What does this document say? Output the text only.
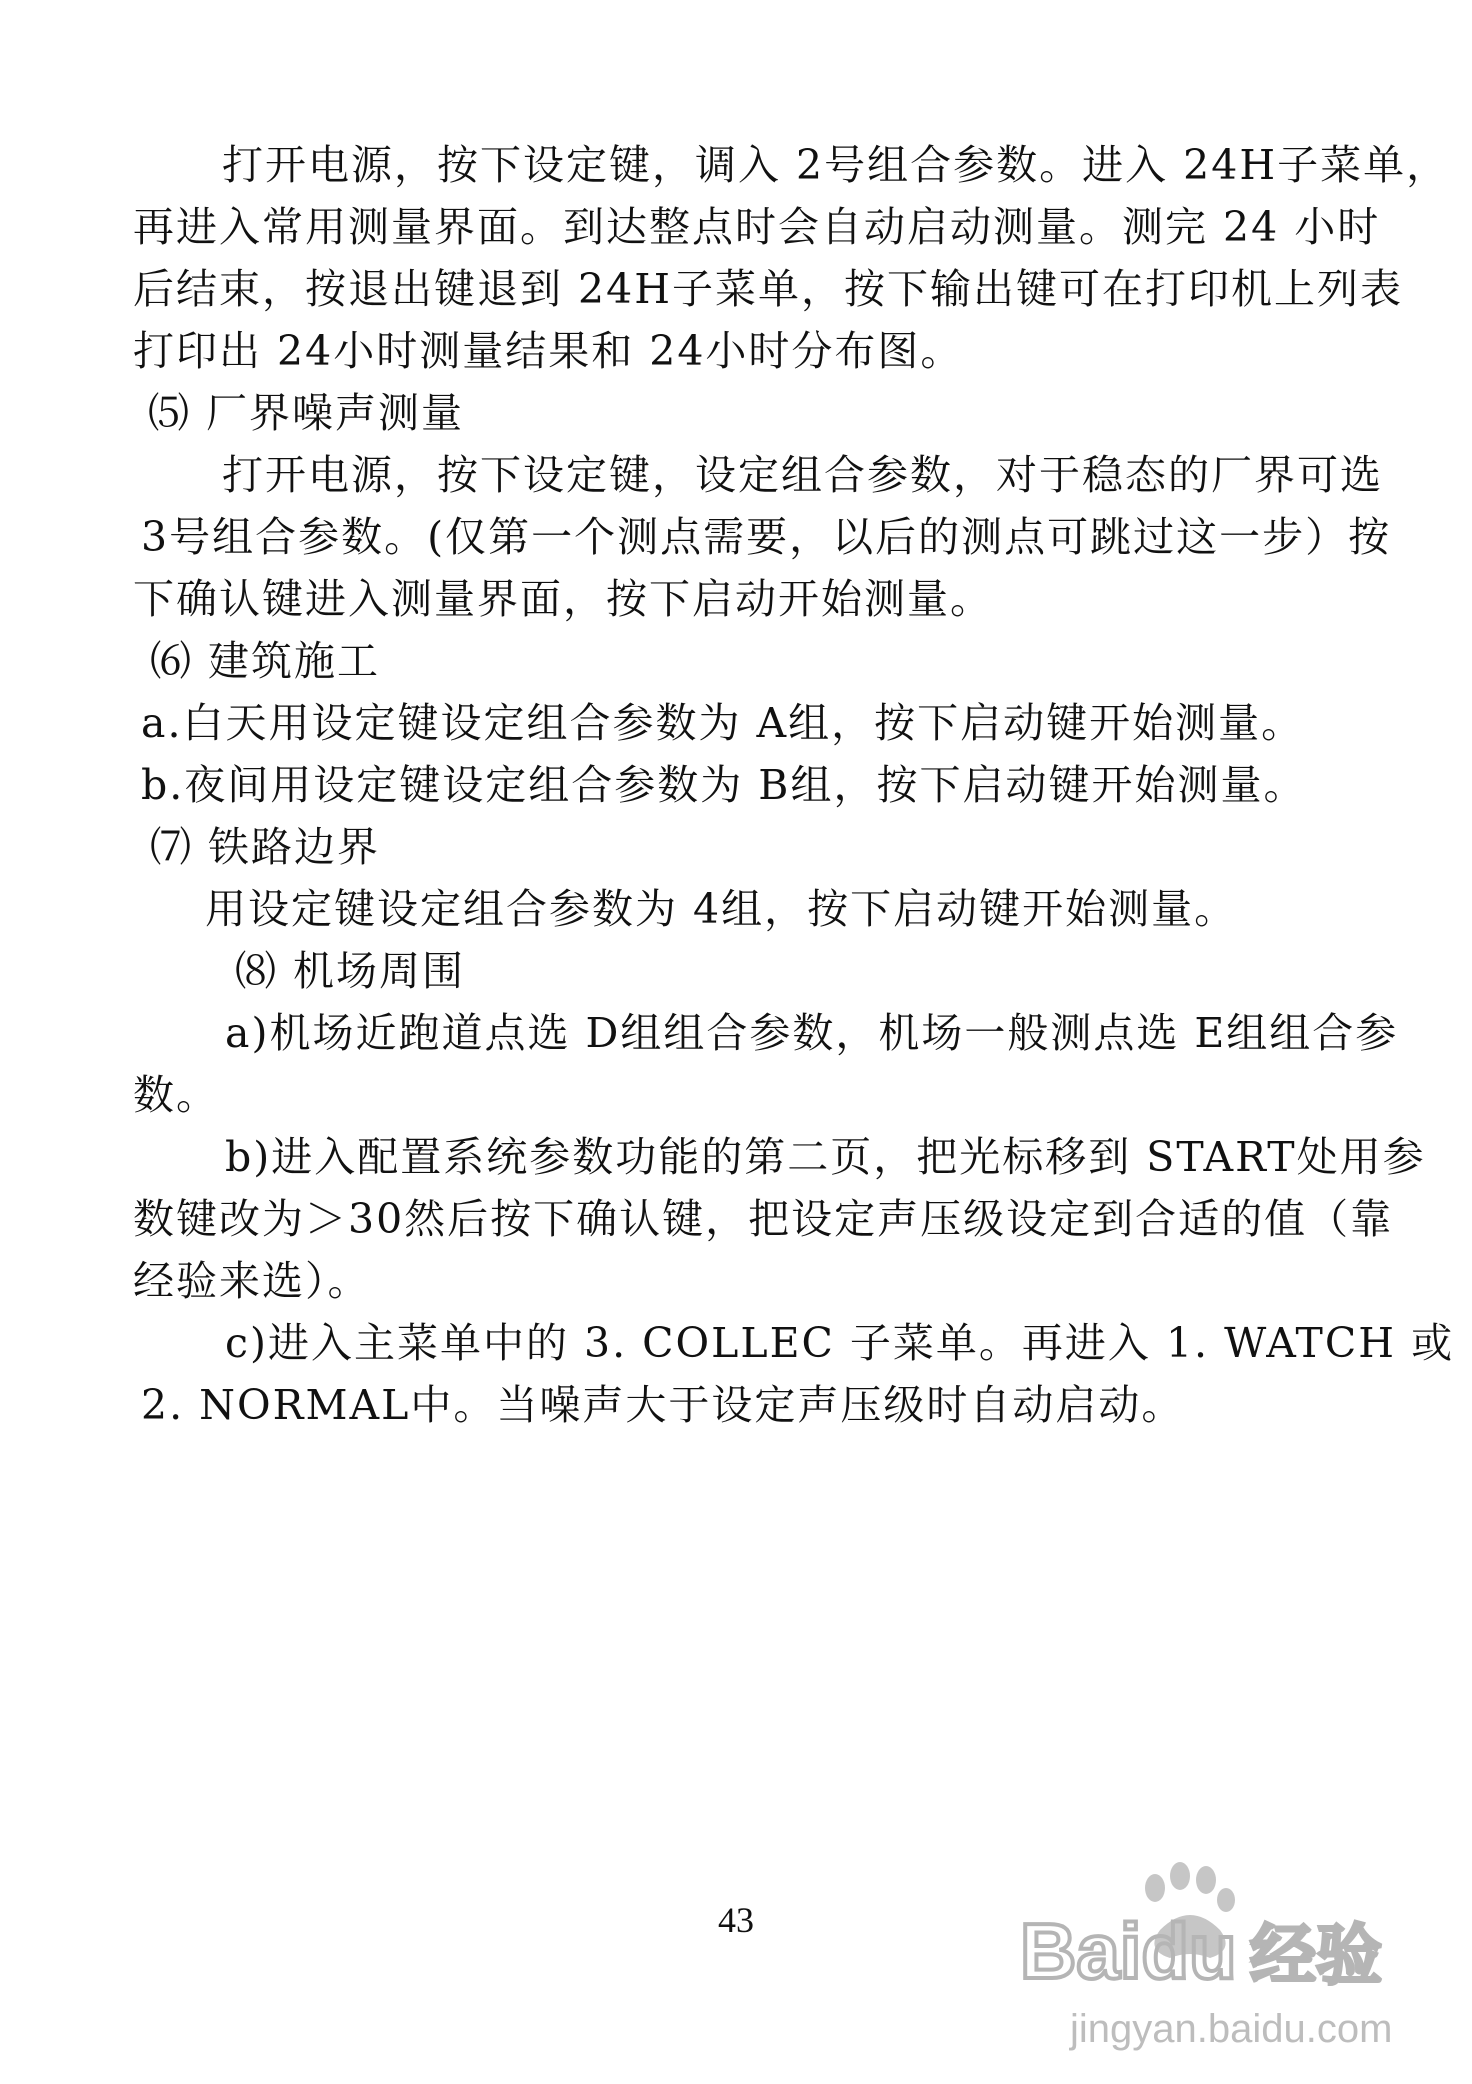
打开电源，按下设定键，调入 2号组合参数。进入 24H子菜单，
再进入常用测量界面。到达整点时会自动启动测量。测完 24 小时
后结束，按退出键退到 24H子菜单，按下输出键可在打印机上列表
打印出 24小时测量结果和 24小时分布图。
⑸ 厂界噪声测量
打开电源，按下设定键，设定组合参数，对于稳态的厂界可选
3号组合参数。(仅第一个测点需要，以后的测点可跳过这一步）按
下确认键进入测量界面，按下启动开始测量。
⑹ 建筑施工
a.白天用设定键设定组合参数为 A组，按下启动键开始测量。
b.夜间用设定键设定组合参数为 B组，按下启动键开始测量。
⑺ 铁路边界
用设定键设定组合参数为 4组，按下启动键开始测量。
⑻ 机场周围
a)机场近跑道点选 D组组合参数，机场一般测点选 E组组合参
数。
b)进入配置系统参数功能的第二页，把光标移到 START处用参
数键改为＞30然后按下确认键，把设定声压级设定到合适的值（靠
经验来选）。
c)进入主菜单中的 3. COLLEC 子菜单。再进入 1. WATCH 或
2. NORMAL中。当噪声大于设定声压级时自动启动。
43	Baidu 经验
jingyan.baidu.com
